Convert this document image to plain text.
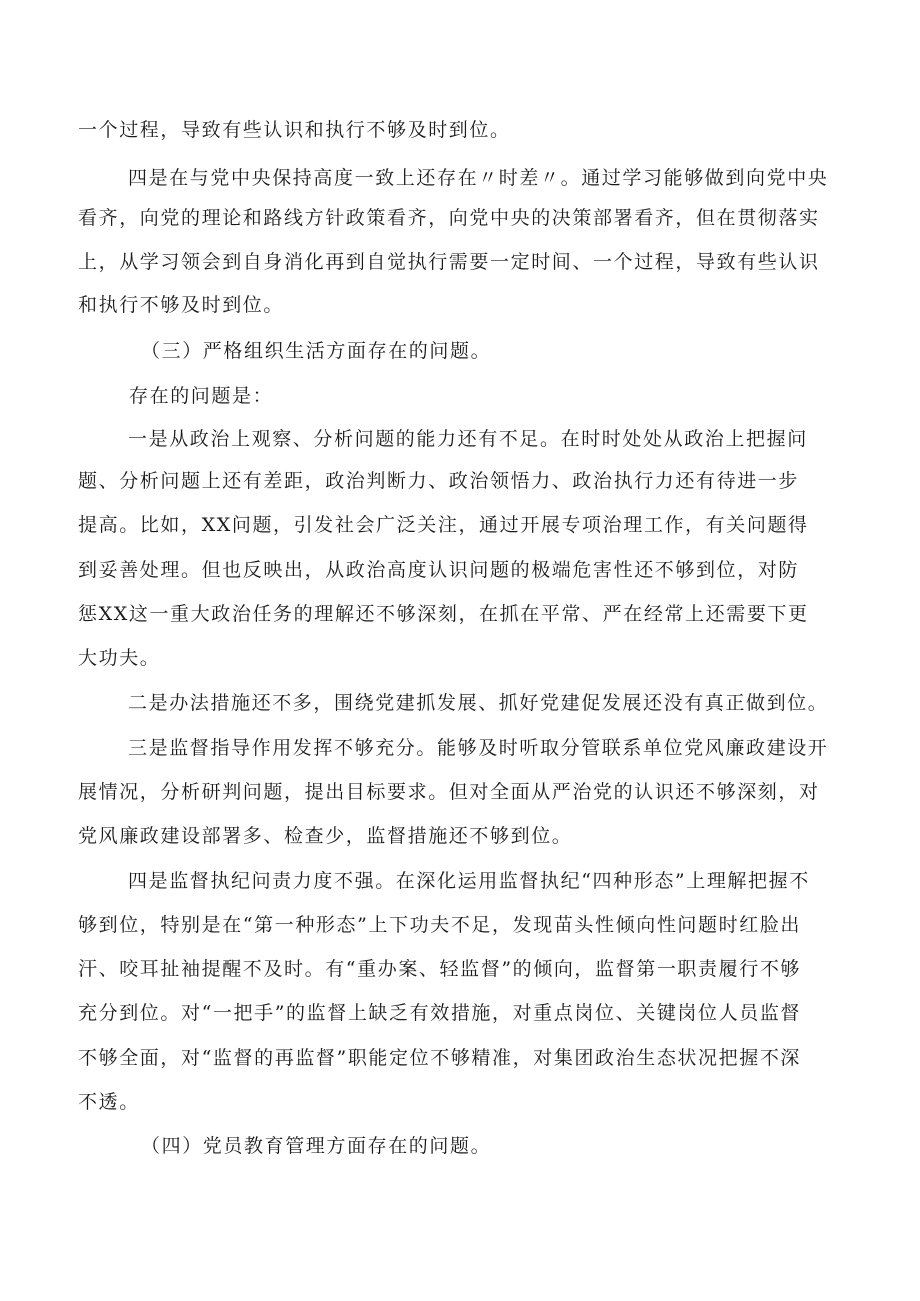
一个过程，导致有些认识和执行不够及时到位。
四是在与党中央保持高度一致上还存在〃时差〃。通过学习能够做到向党中央
看齐，向党的理论和路线方针政策看齐，向党中央的决策部署看齐，但在贯彻落实
上，从学习领会到自身消化再到自觉执行需要一定时间、一个过程，导致有些认识
和执行不够及时到位。
（三）严格组织生活方面存在的问题。
存在的问题是：
一是从政治上观察、分析问题的能力还有不足。在时时处处从政治上把握问
题、分析问题上还有差距，政治判断力、政治领悟力、政治执行力还有待进一步
提高。比如，XX问题，引发社会广泛关注，通过开展专项治理工作，有关问题得
到妥善处理。但也反映出，从政治高度认识问题的极端危害性还不够到位，对防
惩XX这一重大政治任务的理解还不够深刻，在抓在平常、严在经常上还需要下更
大功夫。
二是办法措施还不多，围绕党建抓发展、抓好党建促发展还没有真正做到位。
三是监督指导作用发挥不够充分。能够及时听取分管联系单位党风廉政建设开
展情况，分析研判问题，提出目标要求。但对全面从严治党的认识还不够深刻，对
党风廉政建设部署多、检查少，监督措施还不够到位。
四是监督执纪问责力度不强。在深化运用监督执纪“四种形态”上理解把握不
够到位，特别是在“第一种形态”上下功夫不足，发现苗头性倾向性问题时红脸出
汗、咬耳扯袖提醒不及时。有“重办案、轻监督”的倾向，监督第一职责履行不够
充分到位。对“一把手”的监督上缺乏有效措施，对重点岗位、关键岗位人员监督
不够全面，对“监督的再监督”职能定位不够精准，对集团政治生态状况把握不深
不透。
（四）党员教育管理方面存在的问题。
